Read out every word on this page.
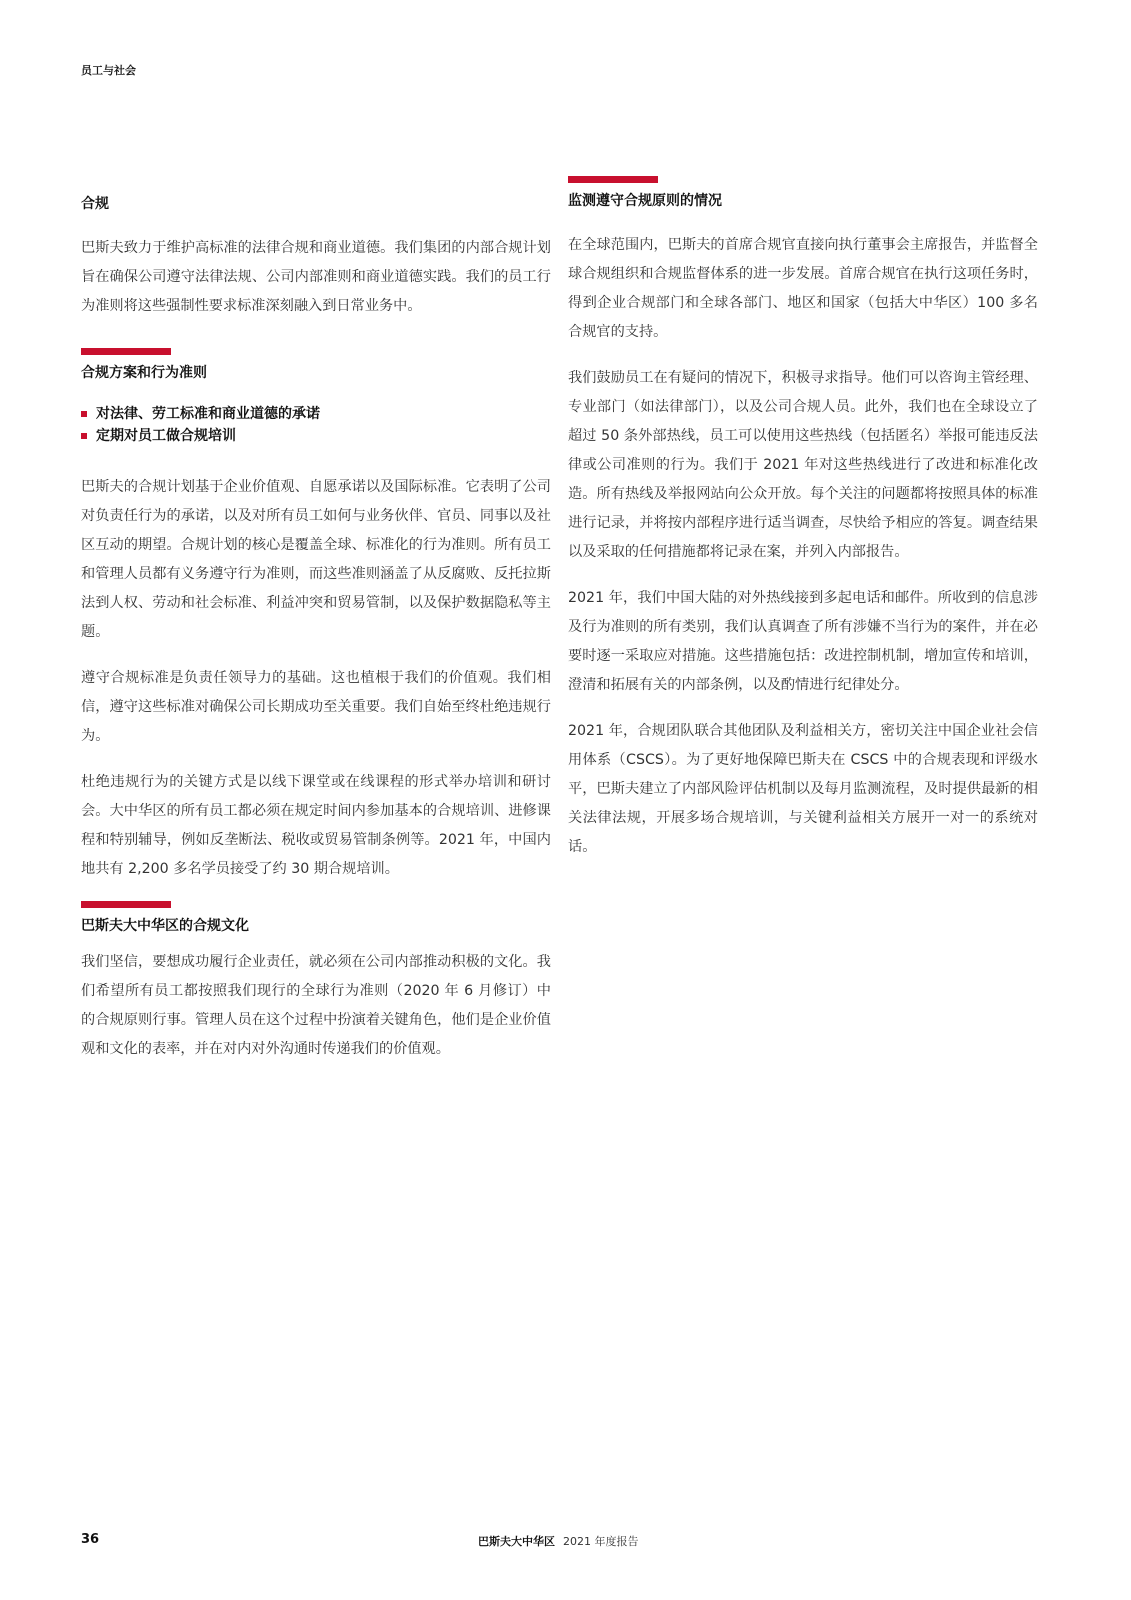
员工与社会
合规

巴斯夫致力于维护高标准的法律合规和商业道德。我们集团的内部合规计划旨在确保公司遵守法律法规、公司内部准则和商业道德实践。我们的员工行为准则将这些强制性要求标准深刻融入到日常业务中。

合规方案和行为准则
对法律、劳工标准和商业道德的承诺
定期对员工做合规培训

巴斯夫的合规计划基于企业价值观、自愿承诺以及国际标准。它表明了公司对负责任行为的承诺，以及对所有员工如何与业务伙伴、官员、同事以及社区互动的期望。合规计划的核心是覆盖全球、标准化的行为准则。所有员工和管理人员都有义务遵守行为准则，而这些准则涵盖了从反腐败、反托拉斯法到人权、劳动和社会标准、利益冲突和贸易管制，以及保护数据隐私等主题。

遵守合规标准是负责任领导力的基础。这也植根于我们的价值观。我们相信，遵守这些标准对确保公司长期成功至关重要。我们自始至终杜绝违规行为。

杜绝违规行为的关键方式是以线下课堂或在线课程的形式举办培训和研讨会。大中华区的所有员工都必须在规定时间内参加基本的合规培训、进修课程和特别辅导，例如反垄断法、税收或贸易管制条例等。2021 年，中国内地共有 2,200 多名学员接受了约 30 期合规培训。

巴斯夫大中华区的合规文化

我们坚信，要想成功履行企业责任，就必须在公司内部推动积极的文化。我们希望所有员工都按照我们现行的全球行为准则（2020 年 6 月修订）中的合规原则行事。管理人员在这个过程中扮演着关键角色，他们是企业价值观和文化的表率，并在对内对外沟通时传递我们的价值观。

监测遵守合规原则的情况

在全球范围内，巴斯夫的首席合规官直接向执行董事会主席报告，并监督全球合规组织和合规监督体系的进一步发展。首席合规官在执行这项任务时，得到企业合规部门和全球各部门、地区和国家（包括大中华区）100 多名合规官的支持。

我们鼓励员工在有疑问的情况下，积极寻求指导。他们可以咨询主管经理、专业部门（如法律部门），以及公司合规人员。此外，我们也在全球设立了超过 50 条外部热线，员工可以使用这些热线（包括匿名）举报可能违反法律或公司准则的行为。我们于 2021 年对这些热线进行了改进和标准化改造。所有热线及举报网站向公众开放。每个关注的问题都将按照具体的标准进行记录，并将按内部程序进行适当调查，尽快给予相应的答复。调查结果以及采取的任何措施都将记录在案，并列入内部报告。

2021 年，我们中国大陆的对外热线接到多起电话和邮件。所收到的信息涉及行为准则的所有类别，我们认真调查了所有涉嫌不当行为的案件，并在必要时逐一采取应对措施。这些措施包括：改进控制机制，增加宣传和培训，澄清和拓展有关的内部条例，以及酌情进行纪律处分。

2021 年，合规团队联合其他团队及利益相关方，密切关注中国企业社会信用体系（CSCS）。为了更好地保障巴斯夫在 CSCS 中的合规表现和评级水平，巴斯夫建立了内部风险评估机制以及每月监测流程，及时提供最新的相关法律法规，开展多场合规培训，与关键利益相关方展开一对一的系统对话。

36	巴斯夫大中华区 2021 年度报告
